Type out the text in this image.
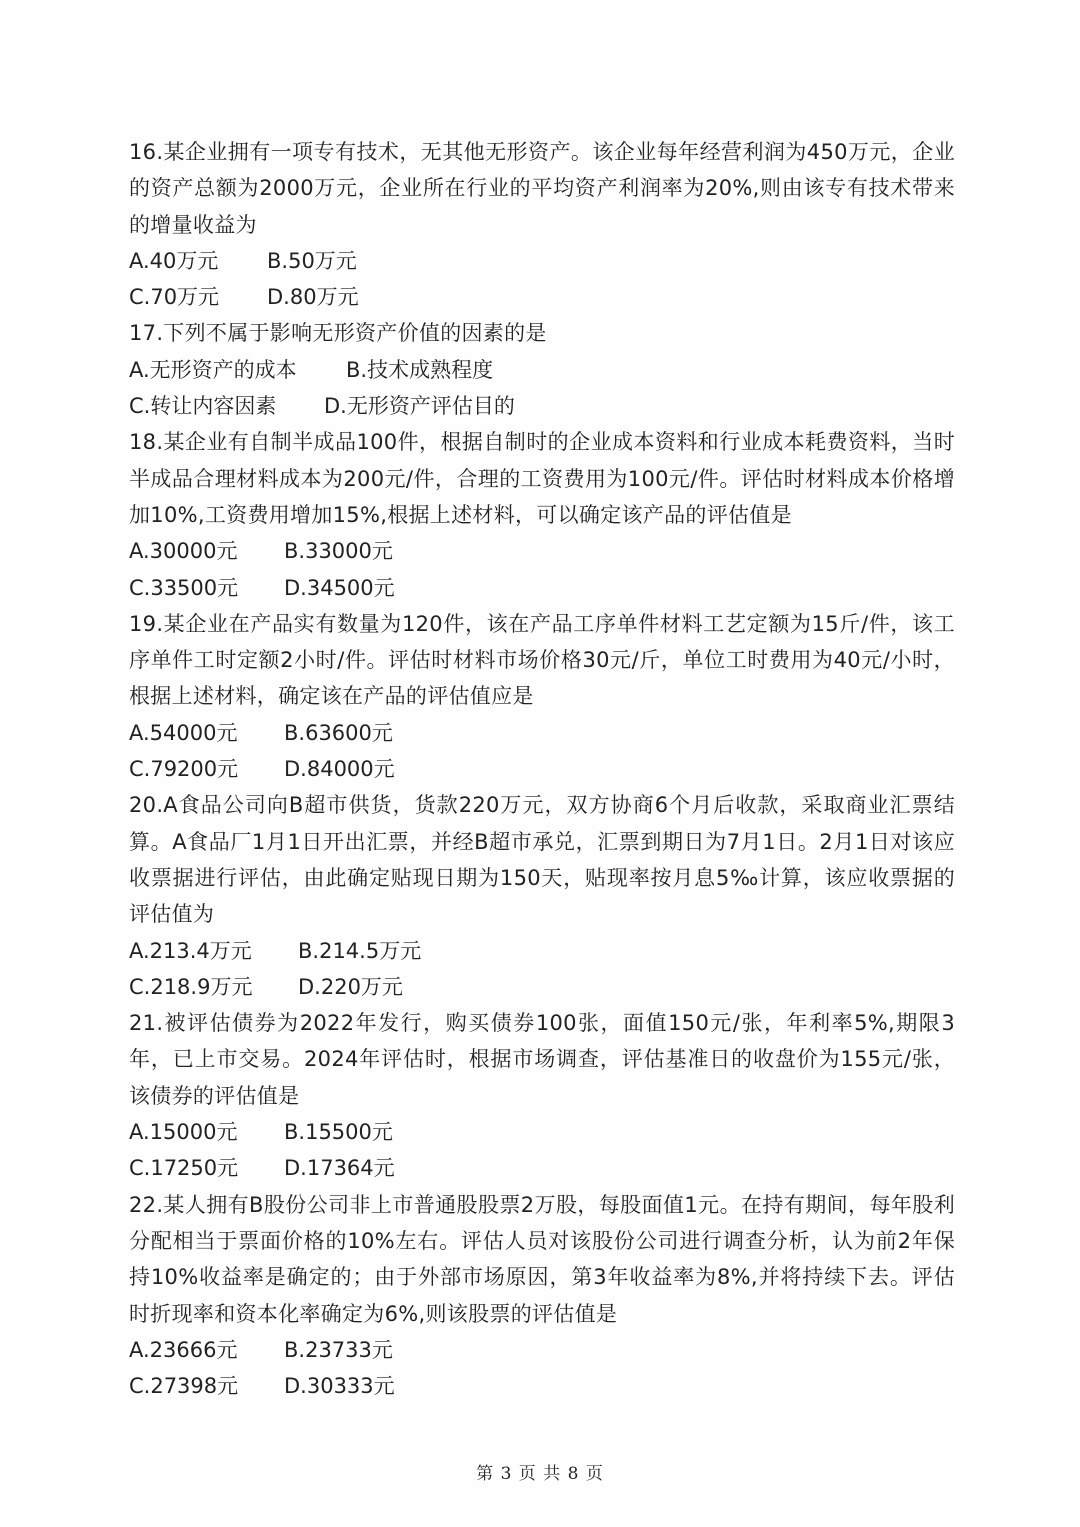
16.某企业拥有一项专有技术，无其他无形资产。该企业每年经营利润为450万元，企业的资产总额为2000万元，企业所在行业的平均资产利润率为20%,则由该专有技术带来的增量收益为

A.40万元	B.50万元
C.70万元	D.80万元

17.下列不属于影响无形资产价值的因素的是

A.无形资产的成本	B.技术成熟程度
C.转让内容因素	D.无形资产评估目的

18.某企业有自制半成品100件，根据自制时的企业成本资料和行业成本耗费资料，当时半成品合理材料成本为200元/件，合理的工资费用为100元/件。评估时材料成本价格增加10%,工资费用增加15%,根据上述材料，可以确定该产品的评估值是

A.30000元	B.33000元
C.33500元	D.34500元

19.某企业在产品实有数量为120件，该在产品工序单件材料工艺定额为15斤/件，该工序单件工时定额2小时/件。评估时材料市场价格30元/斤，单位工时费用为40元/小时，根据上述材料，确定该在产品的评估值应是

A.54000元	B.63600元
C.79200元	D.84000元

20.A食品公司向B超市供货，货款220万元，双方协商6个月后收款，采取商业汇票结算。A食品厂1月1日开出汇票，并经B超市承兑，汇票到期日为7月1日。2月1日对该应收票据进行评估，由此确定贴现日期为150天，贴现率按月息5‰计算，该应收票据的评估值为

A.213.4万元	B.214.5万元
C.218.9万元	D.220万元

21.被评估债券为2022年发行，购买债券100张，面值150元/张，年利率5%,期限3年，已上市交易。2024年评估时，根据市场调查，评估基准日的收盘价为155元/张，该债券的评估值是

A.15000元	B.15500元
C.17250元	D.17364元

22.某人拥有B股份公司非上市普通股股票2万股，每股面值1元。在持有期间，每年股利分配相当于票面价格的10%左右。评估人员对该股份公司进行调查分析，认为前2年保持10%收益率是确定的；由于外部市场原因，第3年收益率为8%,并将持续下去。评估时折现率和资本化率确定为6%,则该股票的评估值是

A.23666元	B.23733元
C.27398元	D.30333元
第 3 页 共 8 页
